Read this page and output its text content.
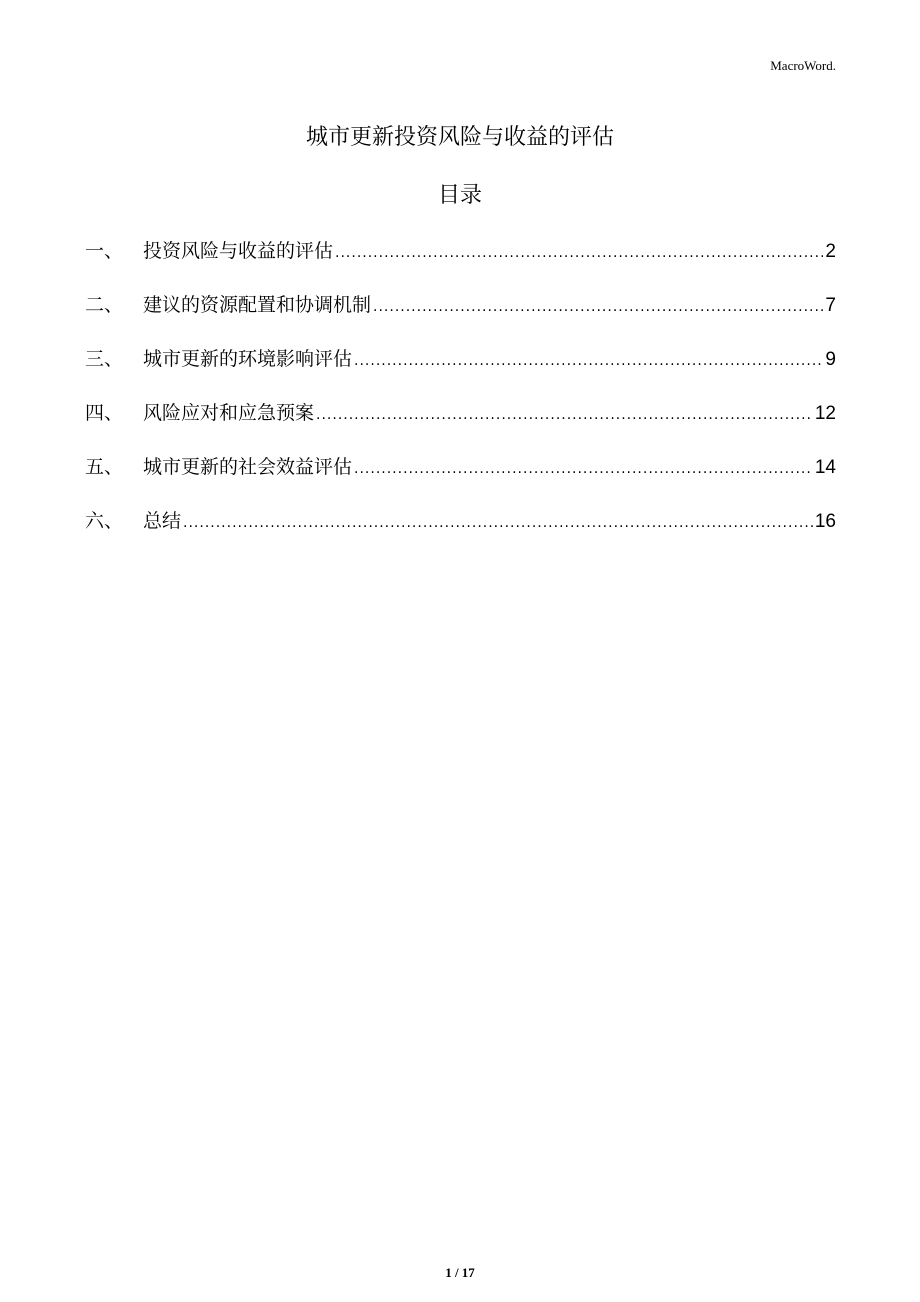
MacroWord.
城市更新投资风险与收益的评估
目录
一、	投资风险与收益的评估 .....	2
二、	建议的资源配置和协调机制 .....	7
三、	城市更新的环境影响评估 .....	9
四、	风险应对和应急预案 .....	12
五、	城市更新的社会效益评估 .....	14
六、	总结 .....	16
1 / 17
